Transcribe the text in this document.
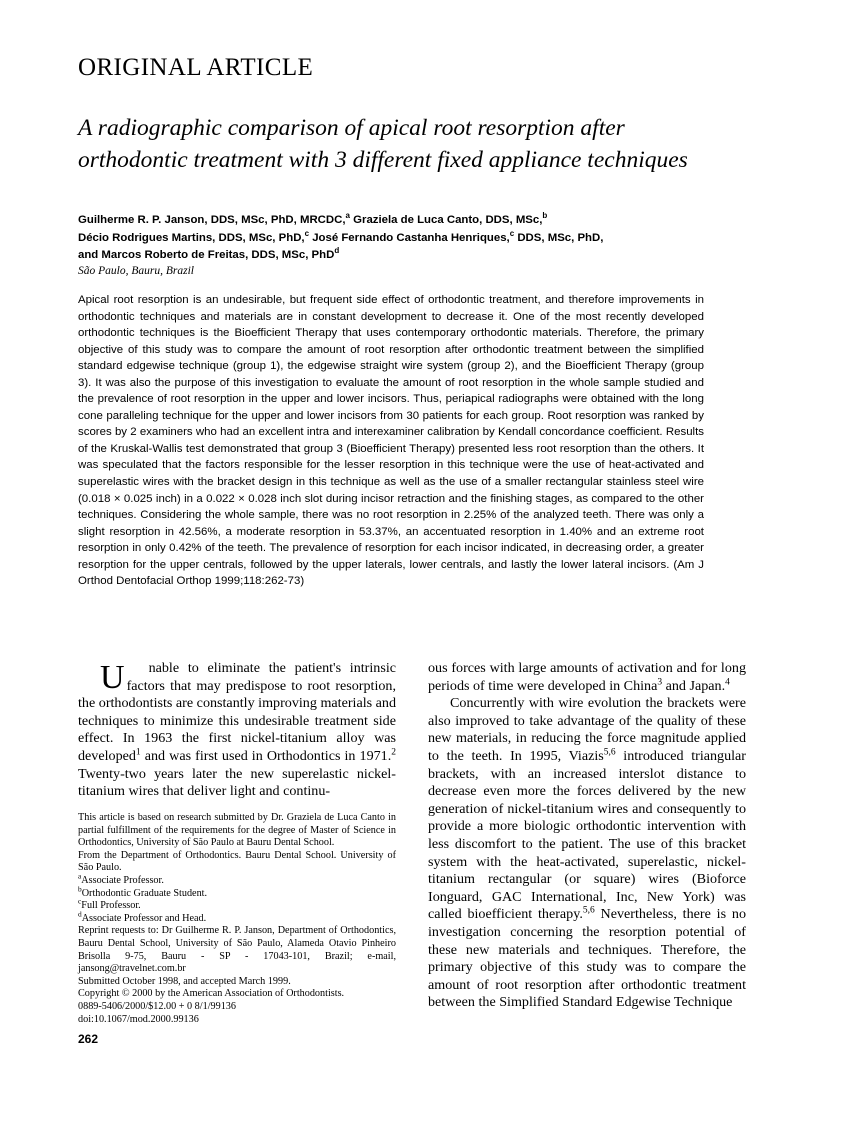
ORIGINAL ARTICLE
A radiographic comparison of apical root resorption after
orthodontic treatment with 3 different fixed appliance techniques
Guilherme R. P. Janson, DDS, MSc, PhD, MRCDC,$^a$ Graziela de Luca Canto, DDS, MSc,$^b$
Décio Rodrigues Martins, DDS, MSc, PhD,$^c$ José Fernando Castanha Henriques,$^c$ DDS, MSc, PhD,
and Marcos Roberto de Freitas, DDS, MSc, PhD$^d$
São Paulo, Bauru, Brazil
Apical root resorption is an undesirable, but frequent side effect of orthodontic treatment, and therefore improvements in orthodontic techniques and materials are in constant development to decrease it. One of the most recently developed orthodontic techniques is the Bioefficient Therapy that uses contemporary orthodontic materials. Therefore, the primary objective of this study was to compare the amount of root resorption after orthodontic treatment between the simplified standard edgewise technique (group 1), the edgewise straight wire system (group 2), and the Bioefficient Therapy (group 3). It was also the purpose of this investigation to evaluate the amount of root resorption in the whole sample studied and the prevalence of root resorption in the upper and lower incisors. Thus, periapical radiographs were obtained with the long cone paralleling technique for the upper and lower incisors from 30 patients for each group. Root resorption was ranked by scores by 2 examiners who had an excellent intra and interexaminer calibration by Kendall concordance coefficient. Results of the Kruskal-Wallis test demonstrated that group 3 (Bioefficient Therapy) presented less root resorption than the others. It was speculated that the factors responsible for the lesser resorption in this technique were the use of heat-activated and superelastic wires with the bracket design in this technique as well as the use of a smaller rectangular stainless steel wire (0.018 × 0.025 inch) in a 0.022 × 0.028 inch slot during incisor retraction and the finishing stages, as compared to the other techniques. Considering the whole sample, there was no root resorption in 2.25% of the analyzed teeth. There was only a slight resorption in 42.56%, a moderate resorption in 53.37%, an accentuated resorption in 1.40% and an extreme root resorption in only 0.42% of the teeth. The prevalence of resorption for each incisor indicated, in decreasing order, a greater resorption for the upper centrals, followed by the upper laterals, lower centrals, and lastly the lower lateral incisors. (Am J Orthod Dentofacial Orthop 1999;118:262-73)

U nable to eliminate the patient's intrinsic factors that may predispose to root resorption, the orthodontists are constantly improving materials and techniques to minimize this undesirable treatment side effect. In 1963 the first nickel-titanium alloy was developed$^1$ and was first used in Orthodontics in 1971.$^2$ Twenty-two years later the new superelastic nickel-titanium wires that deliver light and continu-

ous forces with large amounts of activation and for long periods of time were developed in China$^3$ and Japan.$^4$

Concurrently with wire evolution the brackets were also improved to take advantage of the quality of these new materials, in reducing the force magnitude applied to the teeth. In 1995, Viazis$^{5,6}$ introduced triangular brackets, with an increased interslot distance to decrease even more the forces delivered by the new generation of nickel-titanium wires and consequently to provide a more biologic orthodontic intervention with less discomfort to the patient. The use of this bracket system with the heat-activated, superelastic, nickel-titanium rectangular (or square) wires (Bioforce Ionguard, GAC International, Inc, New York) was called bioefficient therapy.$^{5,6}$ Nevertheless, there is no investigation concerning the resorption potential of these new materials and techniques. Therefore, the primary objective of this study was to compare the amount of root resorption after orthodontic treatment between the Simplified Standard Edgewise Technique

This article is based on research submitted by Dr. Graziela de Luca Canto in partial fulfillment of the requirements for the degree of Master of Science in Orthodontics, University of São Paulo at Bauru Dental School.

From the Department of Orthodontics. Bauru Dental School. University of São Paulo.

$^a$Associate Professor.

$^b$Orthodontic Graduate Student.

$^c$Full Professor.

$^d$Associate Professor and Head.

Reprint requests to: Dr Guilherme R. P. Janson, Department of Orthodontics, Bauru Dental School, University of São Paulo, Alameda Otavio Pinheiro Brisolla 9-75, Bauru - SP - 17043-101, Brazil; e-mail, jansong@travelnet.com.br

Submitted October 1998, and accepted March 1999.

Copyright © 2000 by the American Association of Orthodontists.

0889-5406/2000/$12.00 + 0 8/1/99136

doi:10.1067/mod.2000.99136

262
